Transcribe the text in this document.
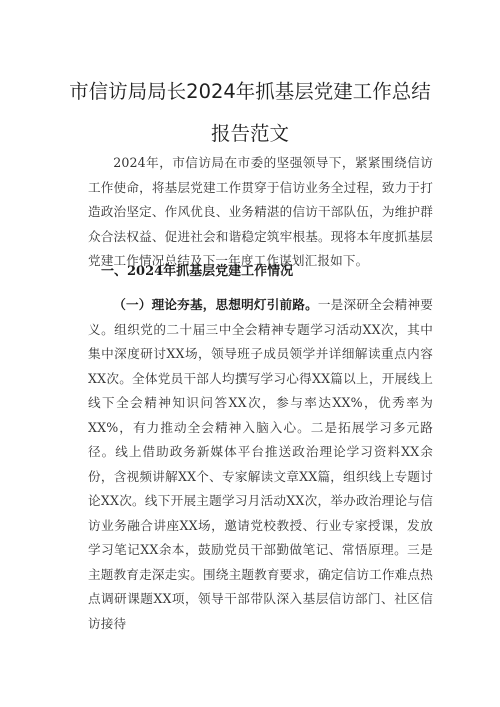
市信访局局长2024年抓基层党建工作总结
报告范文
2024年，市信访局在市委的坚强领导下，紧紧围绕信访工作使命，将基层党建工作贯穿于信访业务全过程，致力于打造政治坚定、作风优良、业务精湛的信访干部队伍，为维护群众合法权益、促进社会和谐稳定筑牢根基。现将本年度抓基层党建工作情况总结及下一年度工作谋划汇报如下。
一、2024年抓基层党建工作情况
（一）理论夯基，思想明灯引前路。一是深研全会精神要义。组织党的二十届三中全会精神专题学习活动XX次，其中集中深度研讨XX场，领导班子成员领学并详细解读重点内容XX次。全体党员干部人均撰写学习心得XX篇以上，开展线上线下全会精神知识问答XX次，参与率达XX%，优秀率为XX%，有力推动全会精神入脑入心。二是拓展学习多元路径。线上借助政务新媒体平台推送政治理论学习资料XX余份，含视频讲解XX个、专家解读文章XX篇，组织线上专题讨论XX次。线下开展主题学习月活动XX次，举办政治理论与信访业务融合讲座XX场，邀请党校教授、行业专家授课，发放学习笔记XX余本，鼓励党员干部勤做笔记、常悟原理。三是主题教育走深走实。围绕主题教育要求，确定信访工作难点热点调研课题XX项，领导干部带队深入基层信访部门、社区信访接待
